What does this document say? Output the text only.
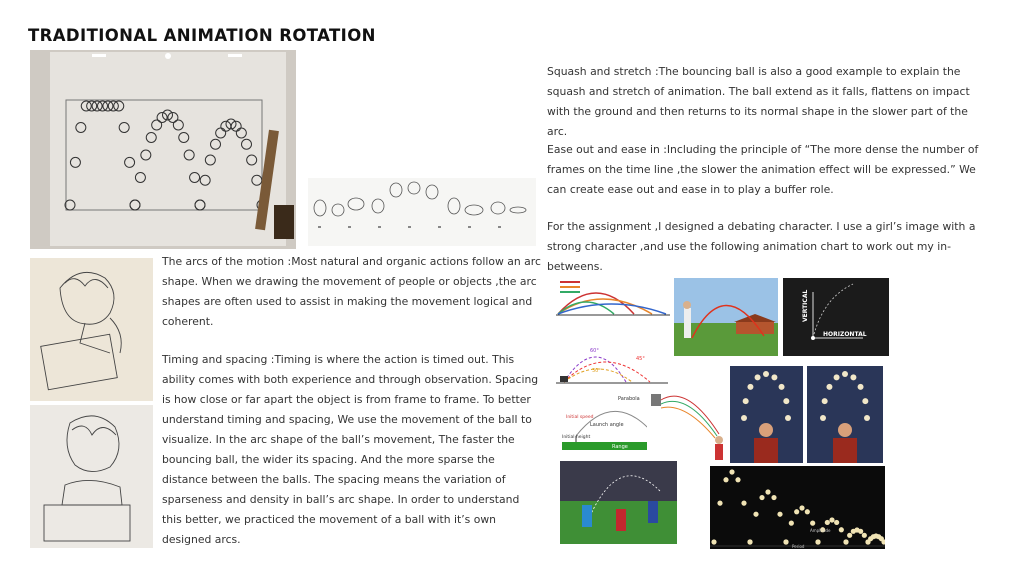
TRADITIONAL ANIMATION ROTATION

The arcs of the motion :Most natural and organic actions follow an arc shape. When we drawing the movement of people or objects ,the arc shapes are often used to assist in making the movement logical and coherent.

Timing and spacing :Timing is where the action is timed out. This ability comes with both experience and through observation. Spacing is how close or far apart the object is from frame to frame. To better understand timing and spacing, We use the movement of the ball to visualize. In the arc shape of the ball’s movement, The faster the bouncing ball, the wider its spacing. And the more sparse the distance between the balls. The spacing means the variation of sparseness and density in ball’s arc shape. In order to understand this better, we practiced the movement of a ball with it’s own designed arcs.

Squash and stretch :The bouncing ball is also a good example to explain the squash and stretch of animation. The ball extend as it falls, flattens on impact with the ground and then returns to its normal shape in the slower part of the arc.

Ease out and ease in :Including the principle of “The more dense the number of frames on the time line ,the slower the animation effect will be expressed.” We can create ease out and ease in to play a buffer role.

For the assignment ,I designed a debating character. I use a girl’s image with a strong character ,and use the following animation chart to work out my in-betweens.

VERTICAL
HORIZONTAL
60°
45°
30°
Parabola
Launch angle
Initial speed
Initial height
Range
Period
Amplitude
